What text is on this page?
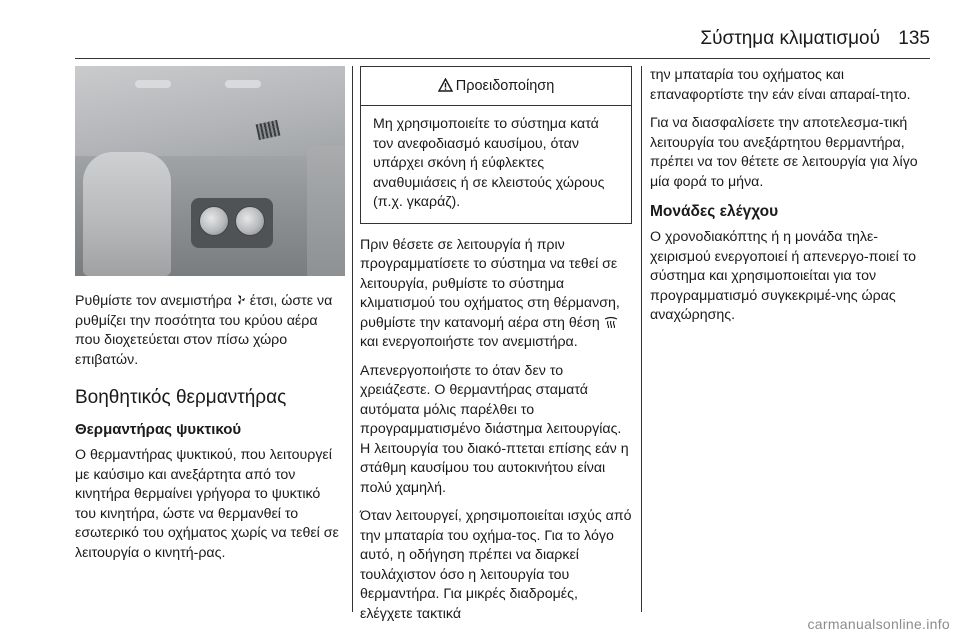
Σύστημα κλιματισμού 135

Ρυθμίστε τον ανεμιστήρα έτσι, ώστε να ρυθμίζει την ποσότητα του κρύου αέρα που διοχετεύεται στον πίσω χώρο επιβατών.

Βοηθητικός θερμαντήρας
Θερμαντήρας ψυκτικού

Ο θερμαντήρας ψυκτικού, που λειτουργεί με καύσιμο και ανεξάρτητα από τον κινητήρα θερμαίνει γρήγορα το ψυκτικό του κινητήρα, ώστε να θερμανθεί το εσωτερικό του οχήματος χωρίς να τεθεί σε λειτουργία ο κινητή-ρας.

Προειδοποίηση
Μη χρησιμοποιείτε το σύστημα κατά τον ανεφοδιασμό καυσίμου, όταν υπάρχει σκόνη ή εύφλεκτες αναθυμιάσεις ή σε κλειστούς χώρους (π.χ. γκαράζ).

Πριν θέσετε σε λειτουργία ή πριν προγραμματίσετε το σύστημα να τεθεί σε λειτουργία, ρυθμίστε το σύστημα κλιματισμού του οχήματος στη θέρμανση, ρυθμίστε την κατανομή αέρα στη θέση  και ενεργοποιήστε τον ανεμιστήρα.

Απενεργοποιήστε το όταν δεν το χρειάζεστε. Ο θερμαντήρας σταματά αυτόματα μόλις παρέλθει το προγραμματισμένο διάστημα λειτουργίας. Η λειτουργία του διακό-πτεται επίσης εάν η στάθμη καυσίμου του αυτοκινήτου είναι πολύ χαμηλή.

Όταν λειτουργεί, χρησιμοποιείται ισχύς από την μπαταρία του οχήμα-τος. Για το λόγο αυτό, η οδήγηση πρέπει να διαρκεί τουλάχιστον όσο η λειτουργία του θερμαντήρα. Για μικρές διαδρομές, ελέγχετε τακτικά

την μπαταρία του οχήματος και επαναφορτίστε την εάν είναι απαραί-τητο.

Για να διασφαλίσετε την αποτελεσμα-τική λειτουργία του ανεξάρτητου θερμαντήρα, πρέπει να τον θέτετε σε λειτουργία για λίγο μία φορά το μήνα.

Μονάδες ελέγχου

Ο χρονοδιακόπτης ή η μονάδα τηλε-χειρισμού ενεργοποιεί ή απενεργο-ποιεί το σύστημα και χρησιμοποιείται για τον προγραμματισμό συγκεκριμέ-νης ώρας αναχώρησης.

carmanualsonline.info
